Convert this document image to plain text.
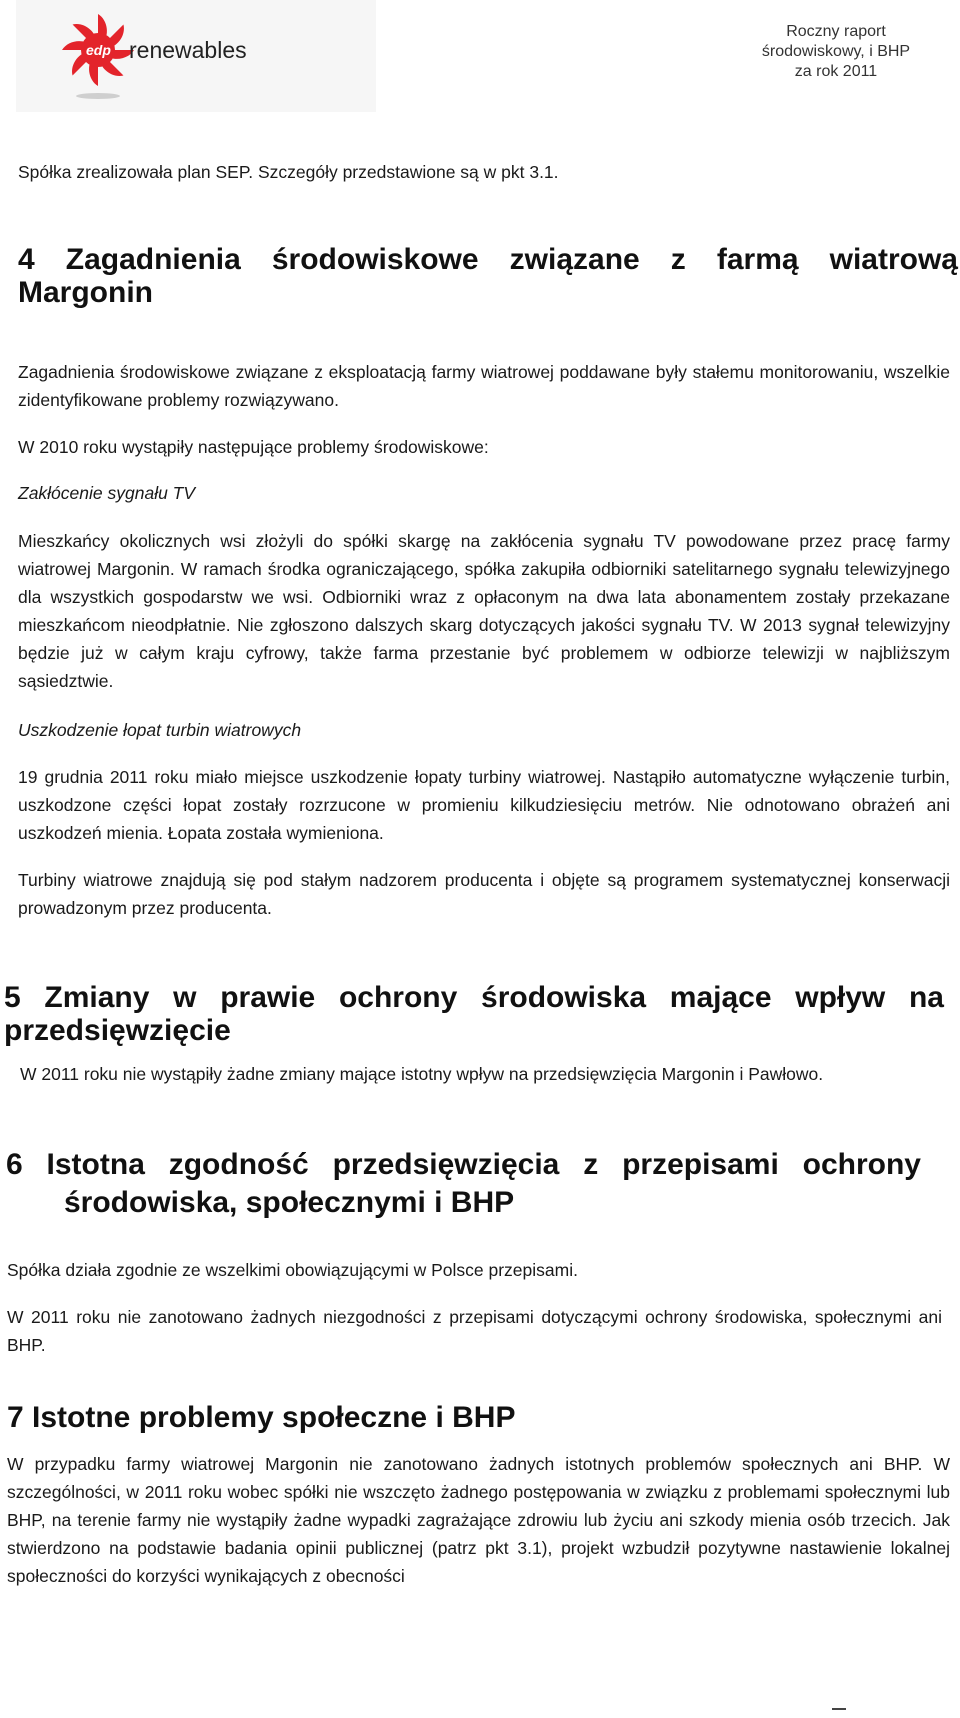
edp renewables
Roczny raport
środowiskowy, i BHP
za rok 2011
Spółka zrealizowała plan SEP. Szczegóły przedstawione są w pkt 3.1.
4 Zagadnienia środowiskowe związane z farmą wiatrową Margonin
Zagadnienia środowiskowe związane z eksploatacją farmy wiatrowej poddawane były stałemu monitorowaniu, wszelkie zidentyfikowane problemy rozwiązywano.
W 2010 roku wystąpiły następujące problemy środowiskowe:
Zakłócenie sygnału TV
Mieszkańcy okolicznych wsi złożyli do spółki skargę na zakłócenia sygnału TV powodowane przez pracę farmy wiatrowej Margonin. W ramach środka ograniczającego, spółka zakupiła odbiorniki satelitarnego sygnału telewizyjnego dla wszystkich gospodarstw we wsi. Odbiorniki wraz z opłaconym na dwa lata abonamentem zostały przekazane mieszkańcom nieodpłatnie. Nie zgłoszono dalszych skarg dotyczących jakości sygnału TV. W 2013 sygnał telewizyjny będzie już w całym kraju cyfrowy, także farma przestanie być problemem w odbiorze telewizji w najbliższym sąsiedztwie.
Uszkodzenie łopat turbin wiatrowych
19 grudnia 2011 roku miało miejsce uszkodzenie łopaty turbiny wiatrowej. Nastąpiło automatyczne wyłączenie turbin, uszkodzone części łopat zostały rozrzucone w promieniu kilkudziesięciu metrów. Nie odnotowano obrażeń ani uszkodzeń mienia. Łopata została wymieniona.
Turbiny wiatrowe znajdują się pod stałym nadzorem producenta i objęte są programem systematycznej konserwacji prowadzonym przez producenta.
5 Zmiany w prawie ochrony środowiska mające wpływ na przedsięwzięcie
W 2011 roku nie wystąpiły żadne zmiany mające istotny wpływ na przedsięwzięcia Margonin i Pawłowo.
6 Istotna zgodność przedsięwzięcia z przepisami ochrony
środowiska, społecznymi i BHP
Spółka działa zgodnie ze wszelkimi obowiązującymi w Polsce przepisami.
W 2011 roku nie zanotowano żadnych niezgodności z przepisami dotyczącymi ochrony środowiska, społecznymi ani BHP.
7 Istotne problemy społeczne i BHP
W przypadku farmy wiatrowej Margonin nie zanotowano żadnych istotnych problemów społecznych ani BHP. W szczególności, w 2011 roku wobec spółki nie wszczęto żadnego postępowania w związku z problemami społecznymi lub BHP, na terenie farmy nie wystąpiły żadne wypadki zagrażające zdrowiu lub życiu ani szkody mienia osób trzecich. Jak stwierdzono na podstawie badania opinii publicznej (patrz pkt 3.1), projekt wzbudził pozytywne nastawienie lokalnej społeczności do korzyści wynikających z obecności
